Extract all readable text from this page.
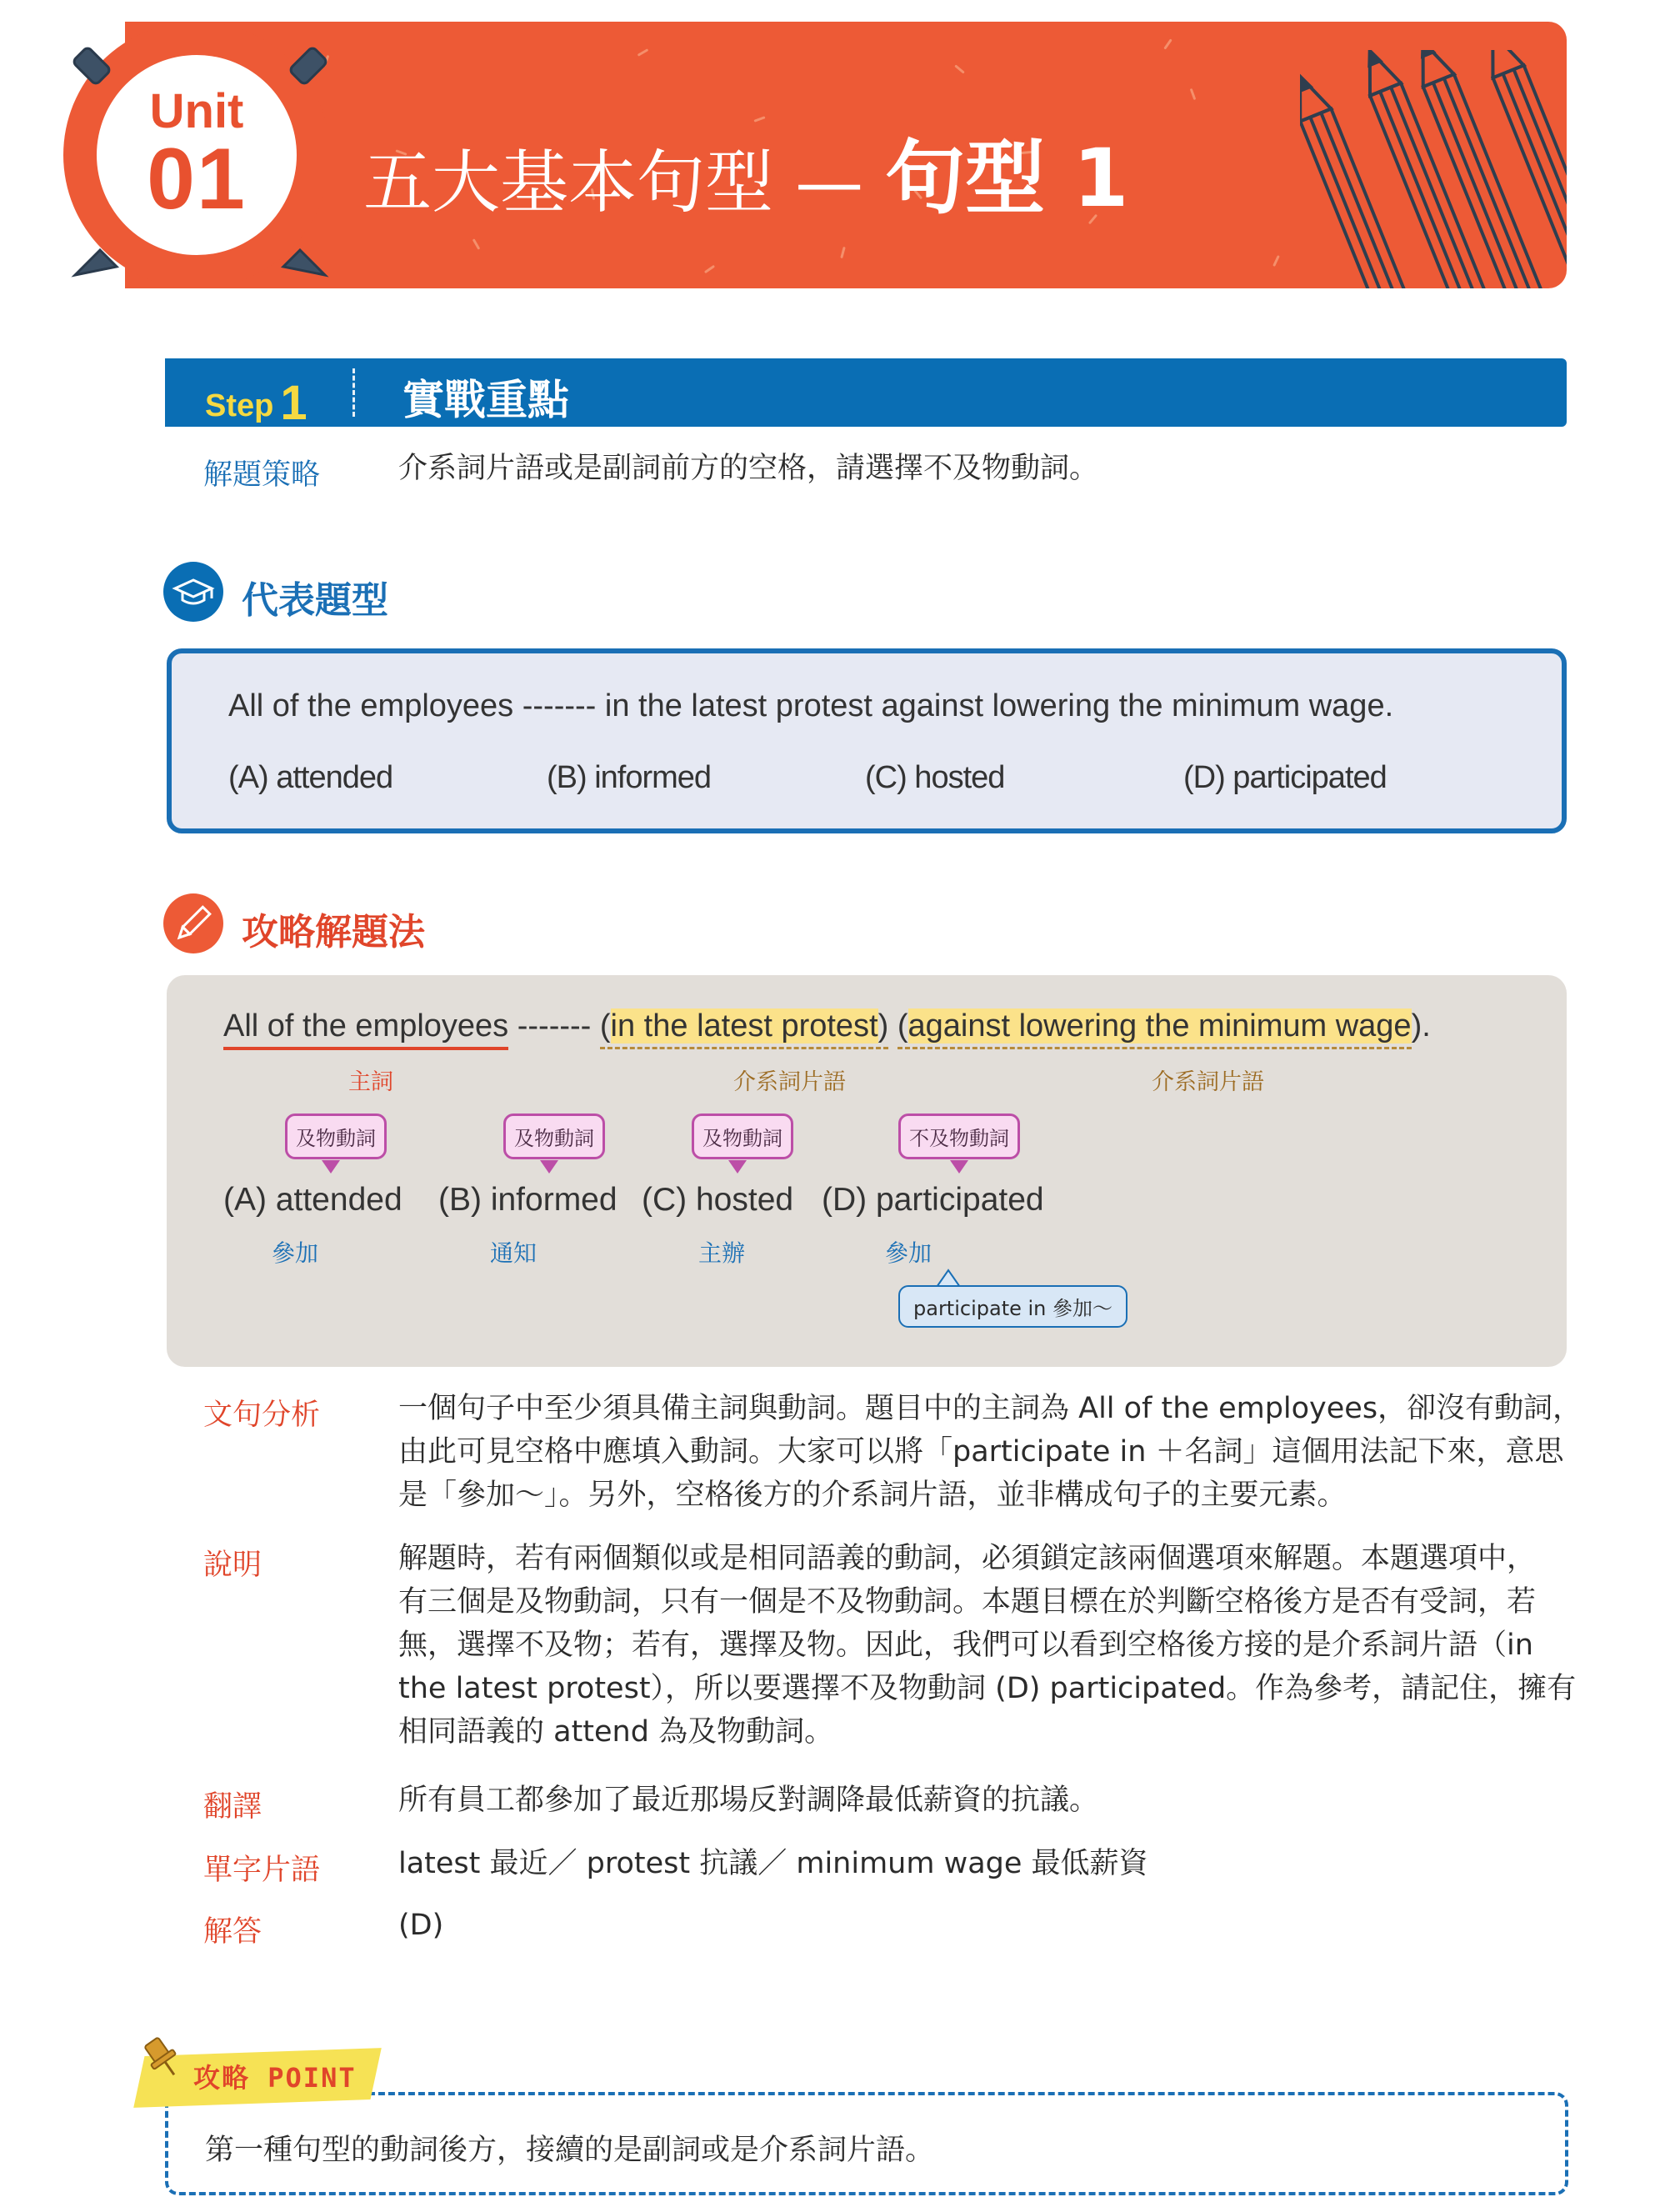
Unit
01	五大基本句型 — 句型 1
Step 1 實戰重點
解題策略	介系詞片語或是副詞前方的空格，請選擇不及物動詞。
代表題型
All of the employees ------- in the latest protest against lowering the minimum wage.
(A) attended	(B) informed	(C) hosted	(D) participated
攻略解題法
All of the employees ------- (in the latest protest) (against lowering the minimum wage).
主詞	介系詞片語	介系詞片語
及物動詞	及物動詞	及物動詞	不及物動詞
(A) attended (B) informed (C) hosted (D) participated
參加	通知	主辦	參加
participate in 參加～
文句分析	一個句子中至少須具備主詞與動詞。題目中的主詞為 All of the employees，卻沒有動詞，
由此可見空格中應填入動詞。大家可以將「participate in ＋名詞」這個用法記下來，意思
是「參加～」。另外，空格後方的介系詞片語，並非構成句子的主要元素。
說明	解題時，若有兩個類似或是相同語義的動詞，必須鎖定該兩個選項來解題。本題選項中，
有三個是及物動詞，只有一個是不及物動詞。本題目標在於判斷空格後方是否有受詞，若
無，選擇不及物；若有，選擇及物。因此，我們可以看到空格後方接的是介系詞片語（in
the latest protest），所以要選擇不及物動詞 (D) participated。作為參考，請記住，擁有
相同語義的 attend 為及物動詞。
翻譯	所有員工都參加了最近那場反對調降最低薪資的抗議。
單字片語	latest 最近／ protest 抗議／ minimum wage 最低薪資
解答	(D)
第一種句型的動詞後方，接續的是副詞或是介系詞片語。
攻略 POINT
